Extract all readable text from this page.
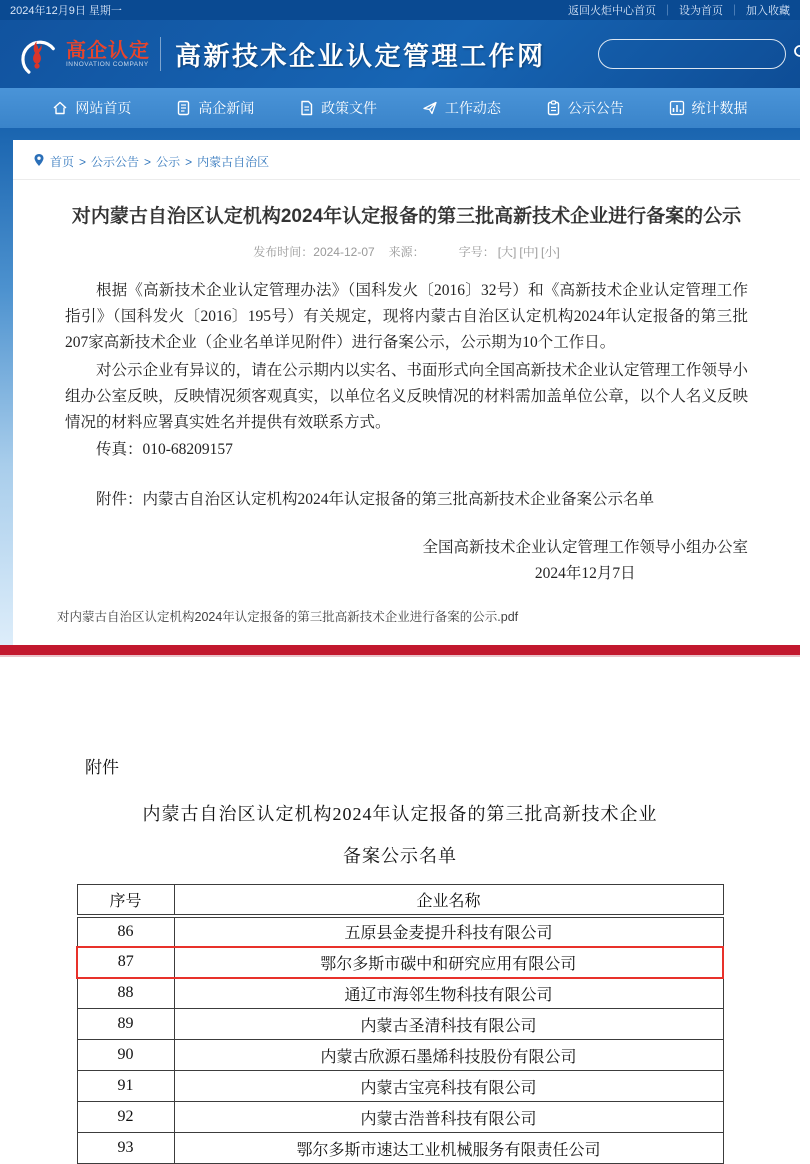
2024年12月9日 星期一	返回火炬中心首页 ｜ 设为首页 ｜ 加入收藏
高企认定
INNOVATION COMPANY 高新技术企业认定管理工作网
网站首页	高企新闻	政策文件	工作动态	公示公告	统计数据
首页 > 公示公告 > 公示 > 内蒙古自治区
对内蒙古自治区认定机构2024年认定报备的第三批高新技术企业进行备案的公示
发布时间：2024-12-07 来源：	字号： [大] [中] [小]

根据《高新技术企业认定管理办法》（国科发火〔2016〕32号）和《高新技术企业认定管理工作指引》（国科发火〔2016〕195号）有关规定，现将内蒙古自治区认定机构2024年认定报备的第三批207家高新技术企业（企业名单详见附件）进行备案公示，公示期为10个工作日。

对公示企业有异议的，请在公示期内以实名、书面形式向全国高新技术企业认定管理工作领导小组办公室反映，反映情况须客观真实，以单位名义反映情况的材料需加盖单位公章，以个人名义反映情况的材料应署真实姓名并提供有效联系方式。

传真：010-68209157

附件：内蒙古自治区认定机构2024年认定报备的第三批高新技术企业备案公示名单

全国高新技术企业认定管理工作领导小组办公室
2024年12月7日
对内蒙古自治区认定机构2024年认定报备的第三批高新技术企业进行备案的公示.pdf
附件
内蒙古自治区认定机构2024年认定报备的第三批高新技术企业
备案公示名单
序号	企业名称
86	五原县金麦提升科技有限公司
87	鄂尔多斯市碳中和研究应用有限公司
88	通辽市海邻生物科技有限公司
89	内蒙古圣清科技有限公司
90	内蒙古欣源石墨烯科技股份有限公司
91	内蒙古宝亮科技有限公司
92	内蒙古浩普科技有限公司
93	鄂尔多斯市速达工业机械服务有限责任公司
